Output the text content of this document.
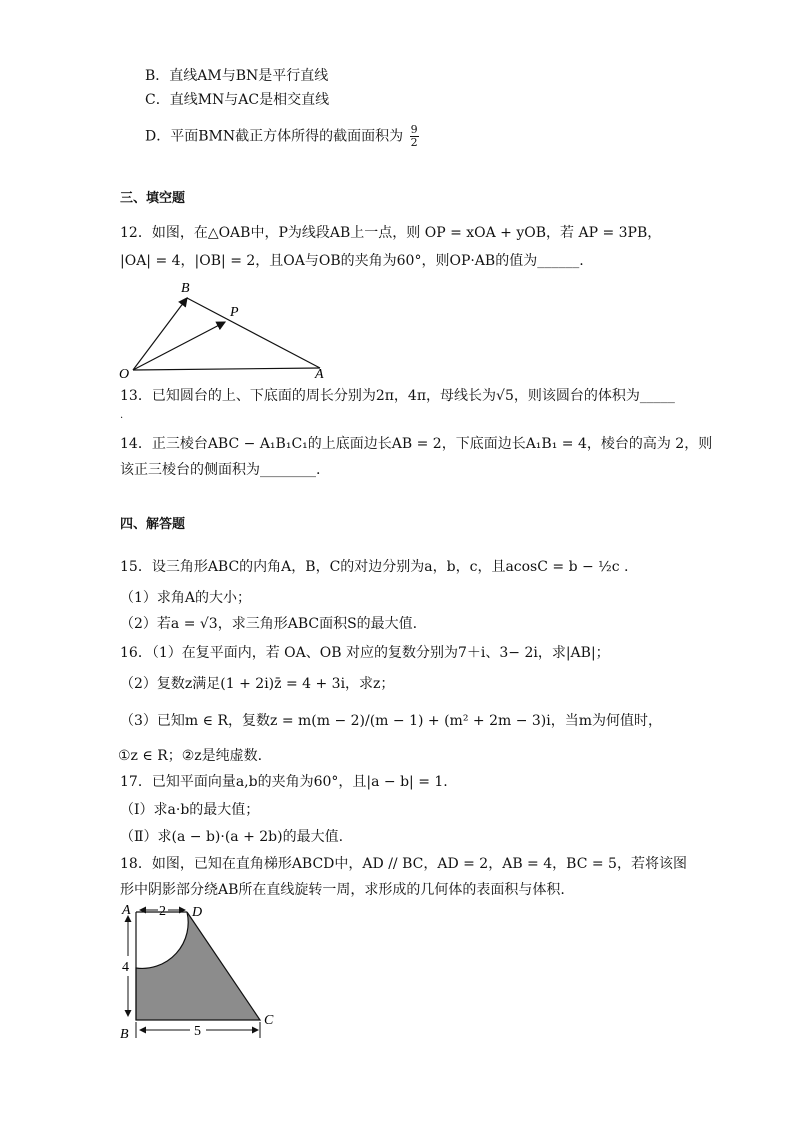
B．直线AM与BN是平行直线
C．直线MN与AC是相交直线
D．平面BMN截正方体所得的截面面积为 $\frac{9}{2}$
三、填空题
12．如图，在△OAB中，P为线段AB上一点，则 OP = xOA + yOB，若 AP = 3PB，
|OA| = 4，|OB| = 2，且OA与OB的夹角为60°，则OP·AB的值为______.
B
P
O	A
13．已知圆台的上、下底面的周长分别为2π，4π，母线长为√5，则该圆台的体积为_____
.
14．正三棱台ABC − A₁B₁C₁的上底面边长AB = 2，下底面边长A₁B₁ = 4，棱台的高为 2，则
该正三棱台的侧面积为________.
四、解答题
15．设三角形ABC的内角A，B，C的对边分别为a，b，c，且acosC = b − ½c .
（1）求角A的大小；
（2）若a = √3，求三角形ABC面积S的最大值.
16．（1）在复平面内，若 OA、OB 对应的复数分别为7＋i、3− 2i，求|AB|；
（2）复数z满足(1 + 2i)z̄ = 4 + 3i，求z；
（3）已知m ∈ R，复数z = m(m − 2)/(m − 1) + (m² + 2m − 3)i，当m为何值时，
①z ∈ R；②z是纯虚数.
17．已知平面向量a,b的夹角为60°，且|a − b| = 1.
（Ⅰ）求a·b的最大值；
（Ⅱ）求(a − b)·(a + 2b)的最大值.
18．如图，已知在直角梯形ABCD中，AD // BC，AD = 2，AB = 4，BC = 5，若将该图
形中阴影部分绕AB所在直线旋转一周，求形成的几何体的表面积与体积.
2
4
5
A	D
B
C
